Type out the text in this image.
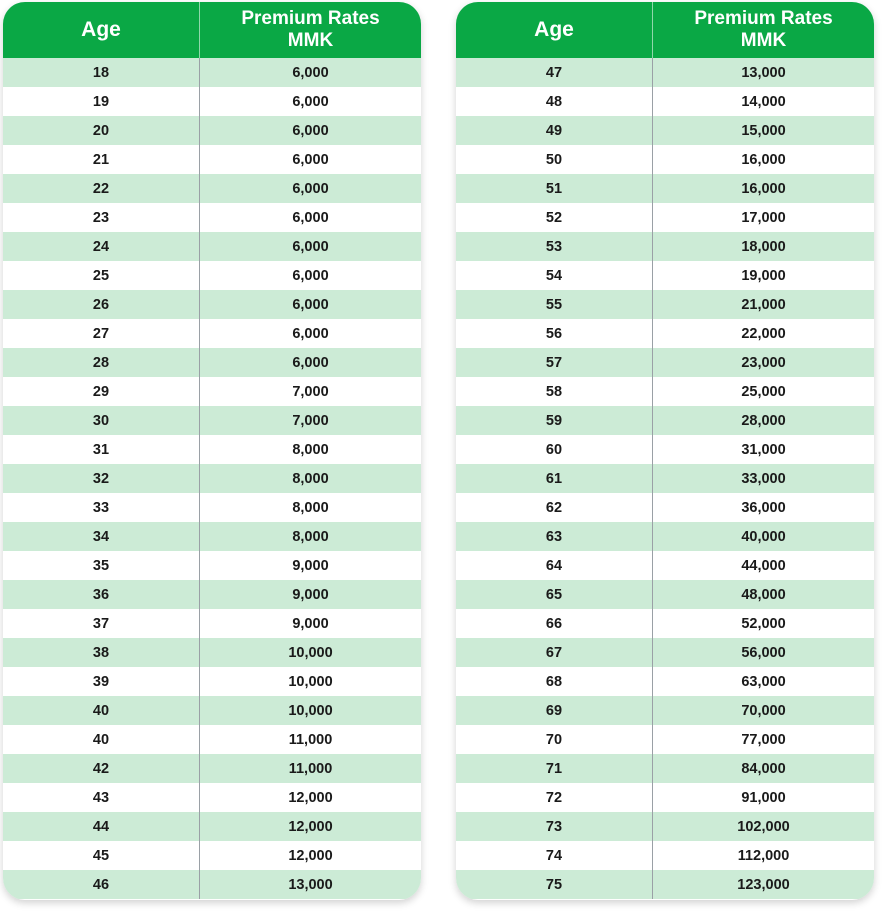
Age	Premium Rates
MMK
18	6,000
19	6,000
20	6,000
21	6,000
22	6,000
23	6,000
24	6,000
25	6,000
26	6,000
27	6,000
28	6,000
29	7,000
30	7,000
31	8,000
32	8,000
33	8,000
34	8,000
35	9,000
36	9,000
37	9,000
38	10,000
39	10,000
40	10,000
40	11,000
42	11,000
43	12,000
44	12,000
45	12,000
46	13,000
Age	Premium Rates
MMK
47	13,000
48	14,000
49	15,000
50	16,000
51	16,000
52	17,000
53	18,000
54	19,000
55	21,000
56	22,000
57	23,000
58	25,000
59	28,000
60	31,000
61	33,000
62	36,000
63	40,000
64	44,000
65	48,000
66	52,000
67	56,000
68	63,000
69	70,000
70	77,000
71	84,000
72	91,000
73	102,000
74	112,000
75	123,000
